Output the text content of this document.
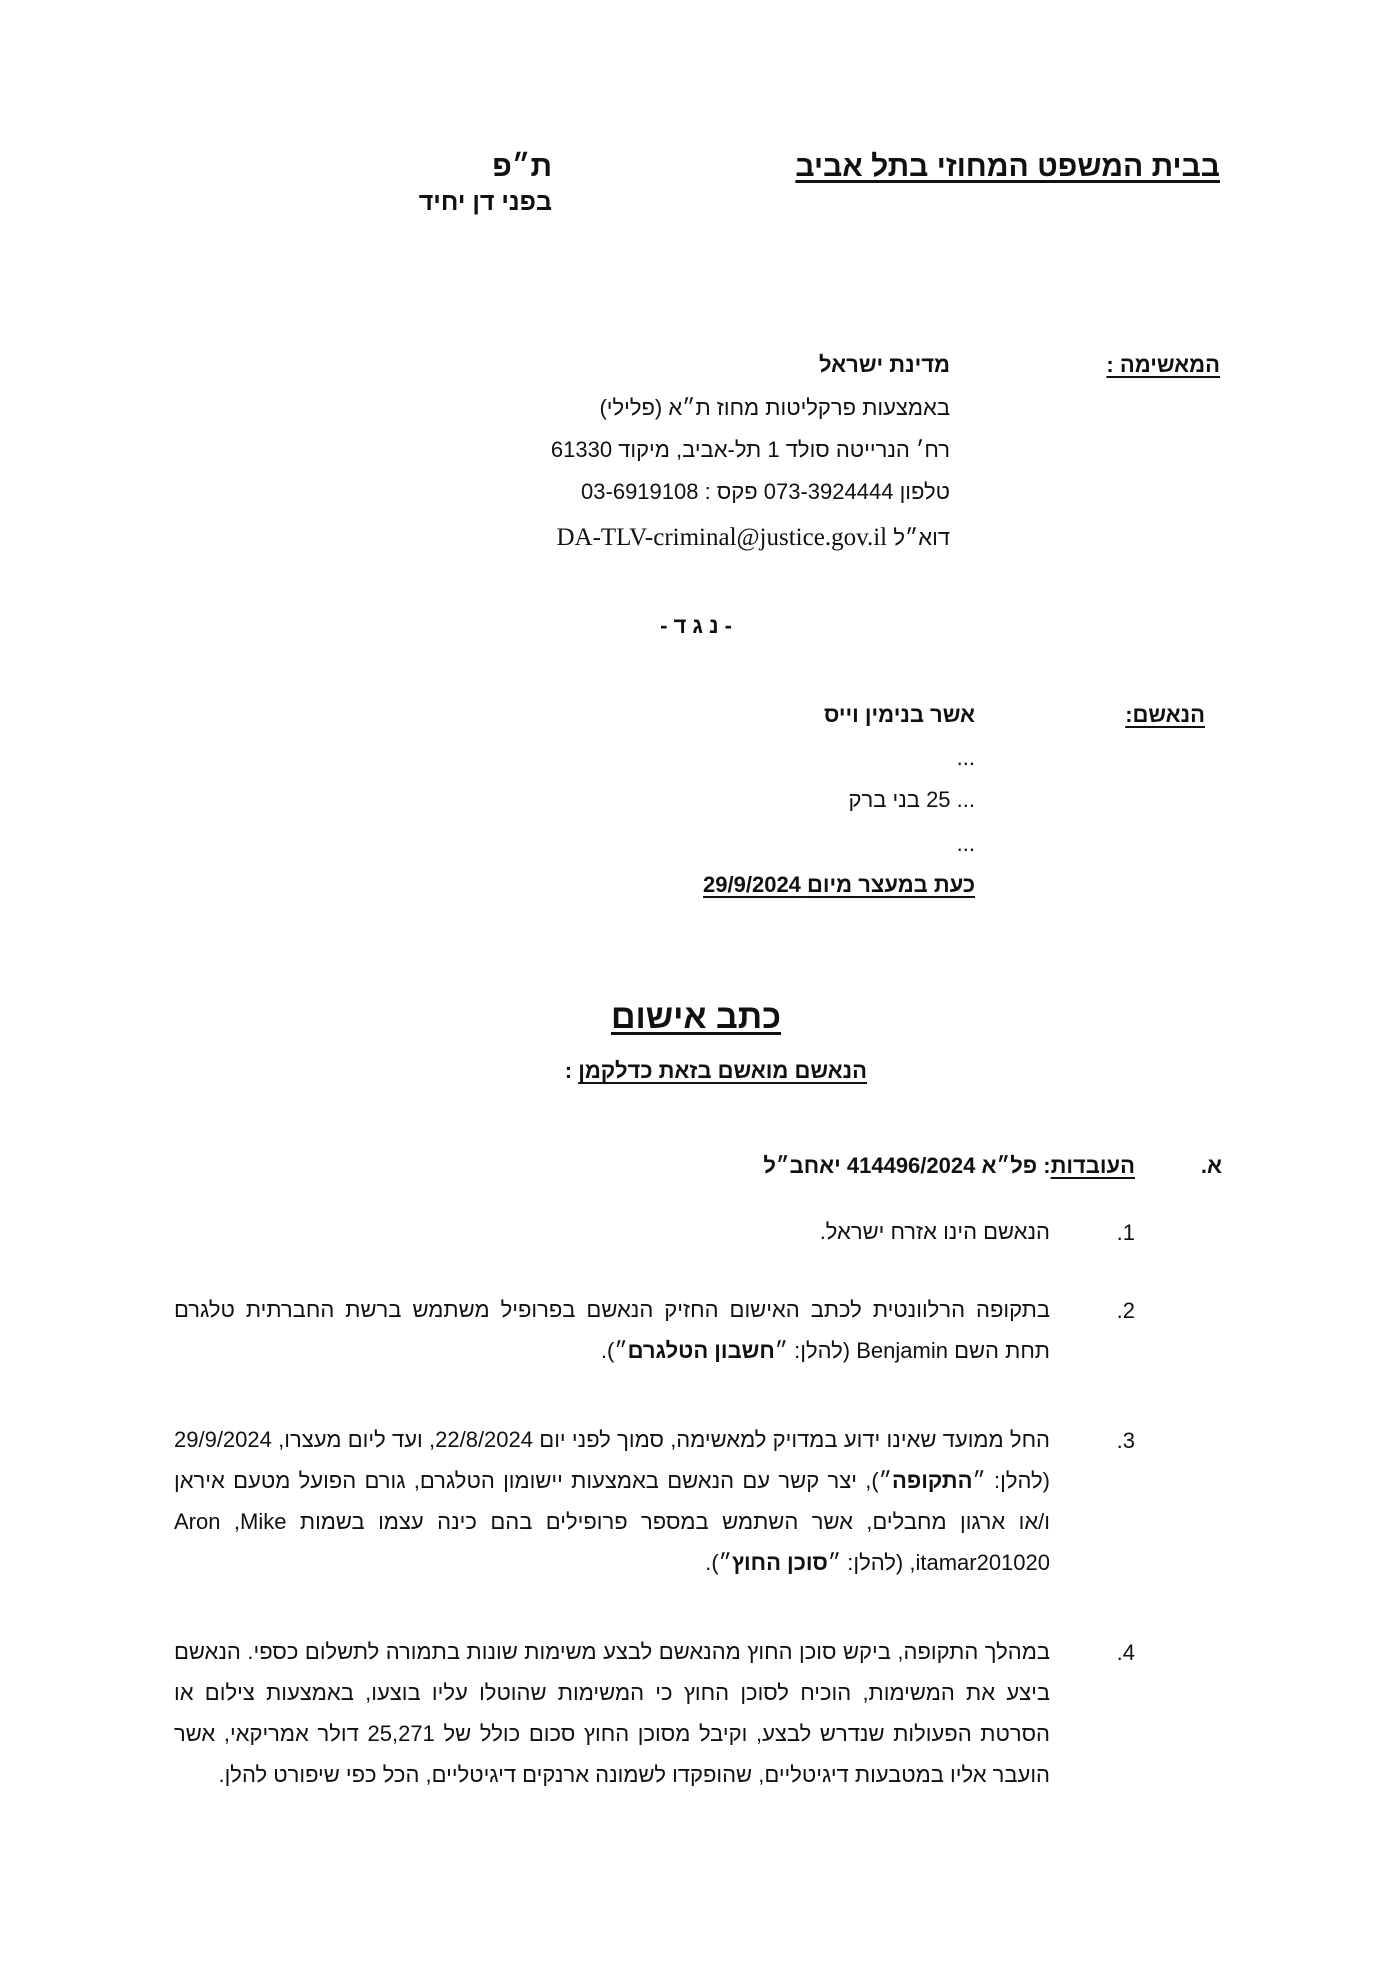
בבית המשפט המחוזי בתל אביב
ת״פ
בפני דן יחיד
המאשימה :
מדינת ישראל
באמצעות פרקליטות מחוז ת״א (פלילי)
רח׳ הנרייטה סולד 1 תל-אביב, מיקוד 61330
טלפון 073-3924444 פקס : 03-6919108
דוא״ל DA-TLV-criminal@justice.gov.il
- נ ג ד -
הנאשם:
אשר בנימין וייס
...
... 25 בני ברק
...
כעת במעצר מיום 29/9/2024
כתב אישום
הנאשם מואשם בזאת כדלקמן :
א.
העובדות: פל״א 414496/2024 יאחב״ל
1.

הנאשם הינו אזרח ישראל.

2.

בתקופה הרלוונטית לכתב האישום החזיק הנאשם בפרופיל משתמש ברשת החברתית טלגרם תחת השם Benjamin (להלן: ״חשבון הטלגרם״).

3.

החל ממועד שאינו ידוע במדויק למאשימה, סמוך לפני יום 22/8/2024, ועד ליום מעצרו, 29/9/2024 (להלן: ״התקופה״), יצר קשר עם הנאשם באמצעות יישומון הטלגרם, גורם הפועל מטעם איראן ו/או ארגון מחבלים, אשר השתמש במספר פרופילים בהם כינה עצמו בשמות Aron ,Mike ,itamar201020 (להלן: ״סוכן החוץ״).

4.

במהלך התקופה, ביקש סוכן החוץ מהנאשם לבצע משימות שונות בתמורה לתשלום כספי. הנאשם ביצע את המשימות, הוכיח לסוכן החוץ כי המשימות שהוטלו עליו בוצעו, באמצעות צילום או הסרטת הפעולות שנדרש לבצע, וקיבל מסוכן החוץ סכום כולל של 25,271 דולר אמריקאי, אשר הועבר אליו במטבעות דיגיטליים, שהופקדו לשמונה ארנקים דיגיטליים, הכל כפי שיפורט להלן.
